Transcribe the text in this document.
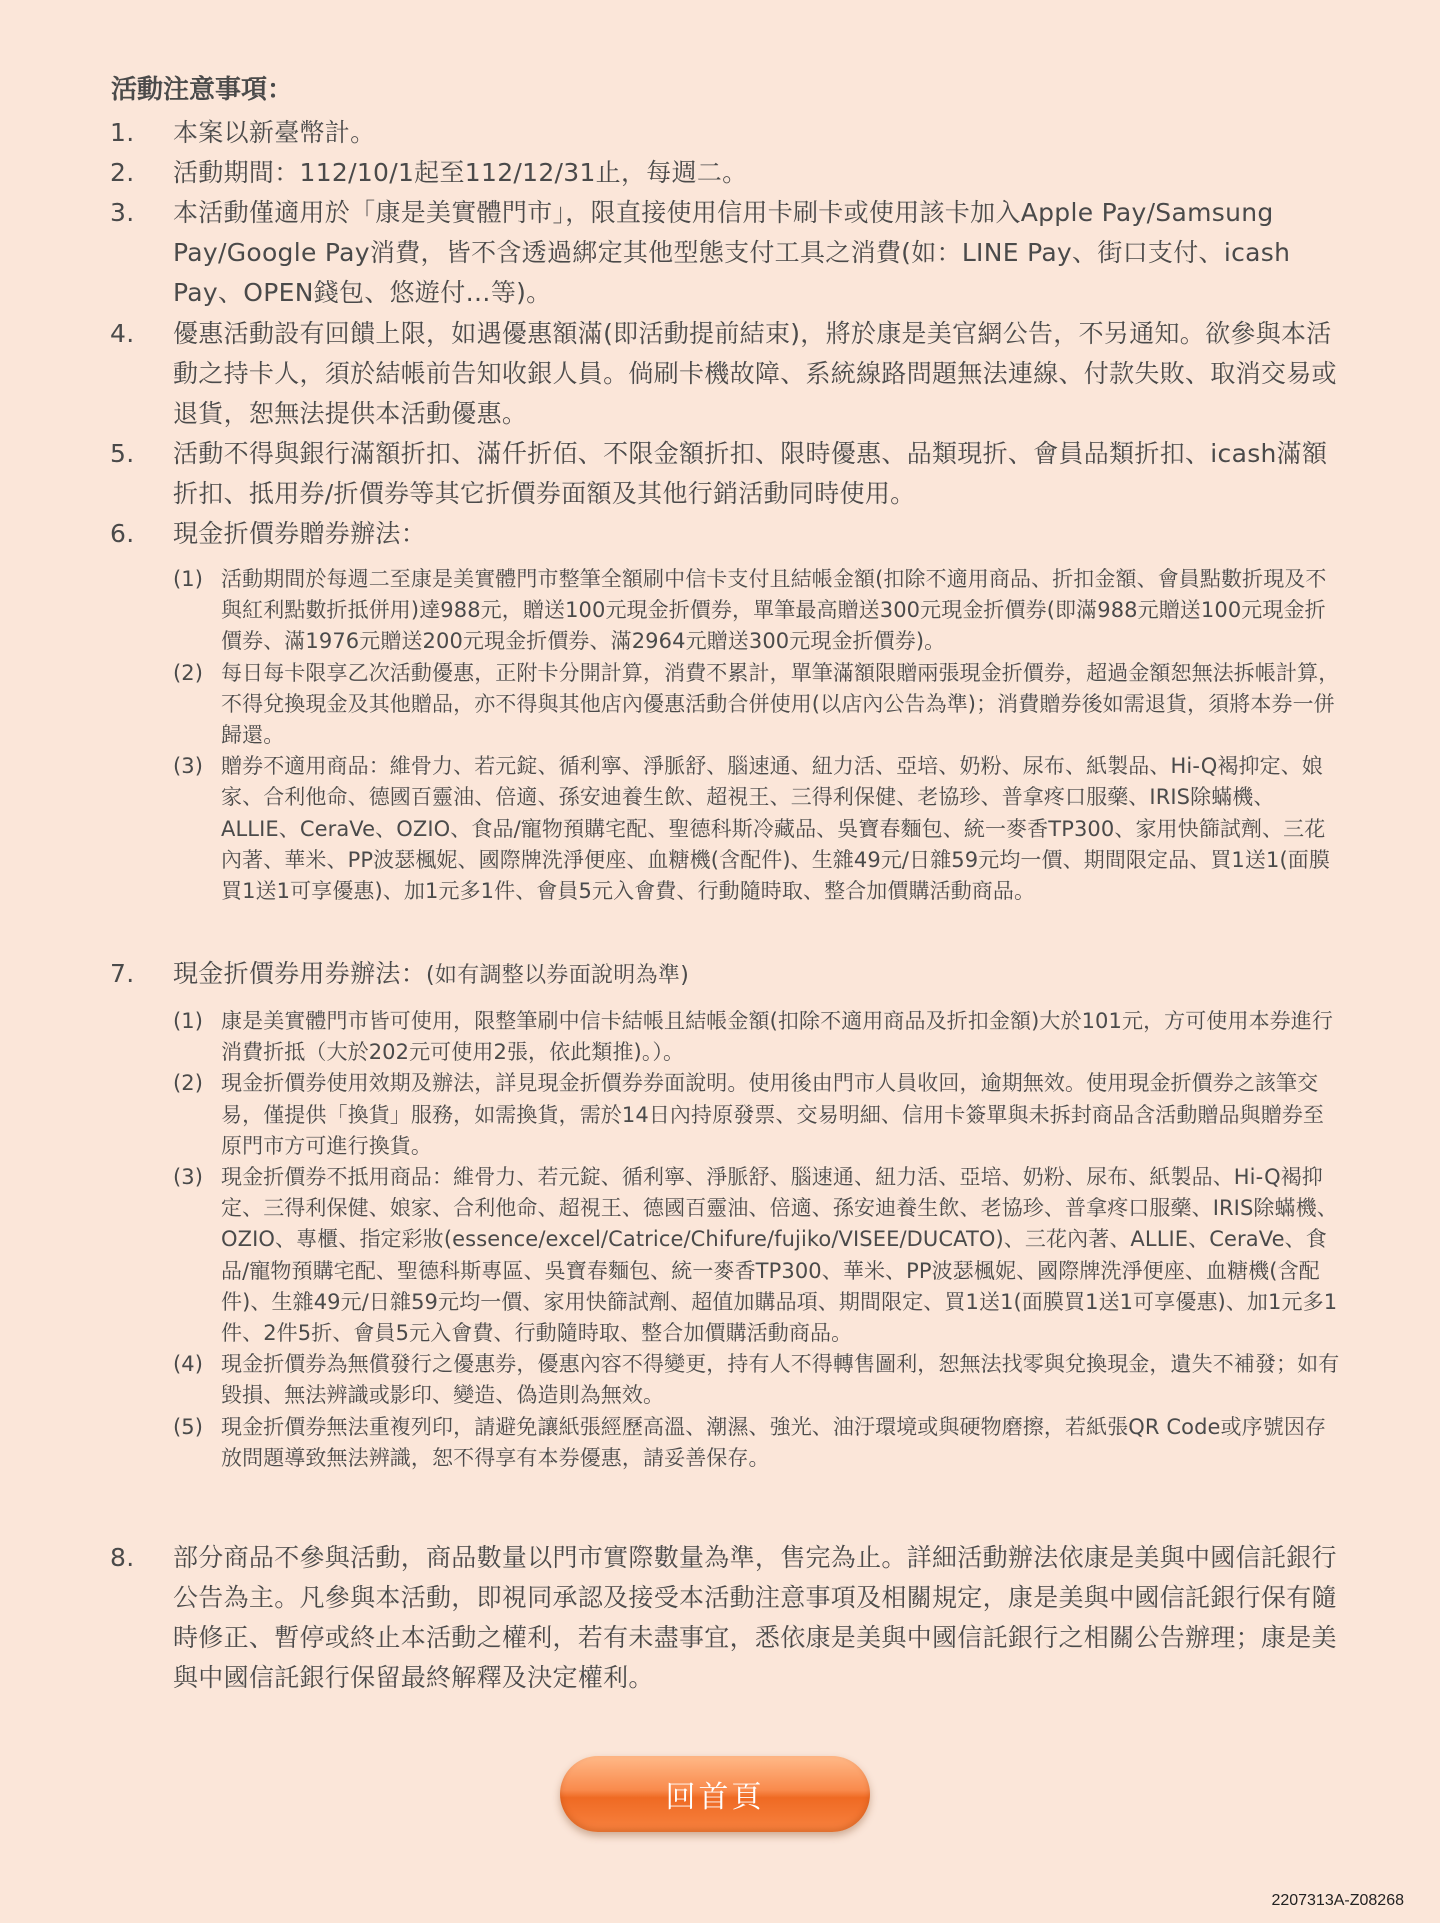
活動注意事項：
1.	本案以新臺幣計。
2.	活動期間：112/10/1起至112/12/31止，每週二。
3.	本活動僅適用於「康是美實體門市」，限直接使用信用卡刷卡或使用該卡加入Apple Pay/Samsung Pay/Google Pay消費，皆不含透過綁定其他型態支付工具之消費(如：LINE Pay、街口支付、icash Pay、OPEN錢包、悠遊付…等)。
4.	優惠活動設有回饋上限，如遇優惠額滿(即活動提前結束)，將於康是美官網公告，不另通知。欲參與本活動之持卡人，須於結帳前告知收銀人員。倘刷卡機故障、系統線路問題無法連線、付款失敗、取消交易或退貨，恕無法提供本活動優惠。
5.	活動不得與銀行滿額折扣、滿仟折佰、不限金額折扣、限時優惠、品類現折、會員品類折扣、icash滿額折扣、抵用券/折價券等其它折價券面額及其他行銷活動同時使用。
6.	現金折價券贈券辦法：
(1) 活動期間於每週二至康是美實體門市整筆全額刷中信卡支付且結帳金額(扣除不適用商品、折扣金額、會員點數折現及不與紅利點數折抵併用)達988元，贈送100元現金折價券，單筆最高贈送300元現金折價券(即滿988元贈送100元現金折價券、滿1976元贈送200元現金折價券、滿2964元贈送300元現金折價券)。
(2) 每日每卡限享乙次活動優惠，正附卡分開計算，消費不累計，單筆滿額限贈兩張現金折價券，超過金額恕無法拆帳計算，不得兌換現金及其他贈品，亦不得與其他店內優惠活動合併使用(以店內公告為準)；消費贈券後如需退貨，須將本券一併歸還。
(3) 贈券不適用商品：維骨力、若元錠、循利寧、淨脈舒、腦速通、紐力活、亞培、奶粉、尿布、紙製品、Hi-Q褐抑定、娘家、合利他命、德國百靈油、倍適、孫安迪養生飲、超視王、三得利保健、老協珍、普拿疼口服藥、IRIS除蟎機、ALLIE、CeraVe、OZIO、食品/寵物預購宅配、聖德科斯冷藏品、吳寶春麵包、統一麥香TP300、家用快篩試劑、三花內著、華米、PP波瑟楓妮、國際牌洗淨便座、血糖機(含配件)、生雜49元/日雜59元均一價、期間限定品、買1送1(面膜買1送1可享優惠)、加1元多1件、會員5元入會費、行動隨時取、整合加價購活動商品。
7.	現金折價券用券辦法：(如有調整以券面說明為準)
(1) 康是美實體門市皆可使用，限整筆刷中信卡結帳且結帳金額(扣除不適用商品及折扣金額)大於101元，方可使用本券進行消費折抵（大於202元可使用2張，依此類推)。）。
(2) 現金折價券使用效期及辦法，詳見現金折價券券面說明。使用後由門市人員收回，逾期無效。使用現金折價券之該筆交易，僅提供「換貨」服務，如需換貨，需於14日內持原發票、交易明細、信用卡簽單與未拆封商品含活動贈品與贈券至原門市方可進行換貨。
(3) 現金折價券不抵用商品：維骨力、若元錠、循利寧、淨脈舒、腦速通、紐力活、亞培、奶粉、尿布、紙製品、Hi-Q褐抑定、三得利保健、娘家、合利他命、超視王、德國百靈油、倍適、孫安迪養生飲、老協珍、普拿疼口服藥、IRIS除蟎機、OZIO、專櫃、指定彩妝(essence/excel/Catrice/Chifure/fujiko/VISEE/DUCATO)、三花內著、ALLIE、CeraVe、食品/寵物預購宅配、聖德科斯專區、吳寶春麵包、統一麥香TP300、華米、PP波瑟楓妮、國際牌洗淨便座、血糖機(含配件)、生雜49元/日雜59元均一價、家用快篩試劑、超值加購品項、期間限定、買1送1(面膜買1送1可享優惠)、加1元多1件、2件5折、會員5元入會費、行動隨時取、整合加價購活動商品。
(4) 現金折價券為無償發行之優惠券，優惠內容不得變更，持有人不得轉售圖利，恕無法找零與兌換現金，遺失不補發；如有毀損、無法辨識或影印、變造、偽造則為無效。
(5) 現金折價券無法重複列印，請避免讓紙張經歷高溫、潮濕、強光、油汙環境或與硬物磨擦，若紙張QR Code或序號因存放問題導致無法辨識，恕不得享有本券優惠，請妥善保存。
8.	部分商品不參與活動，商品數量以門市實際數量為準，售完為止。詳細活動辦法依康是美與中國信託銀行公告為主。凡參與本活動，即視同承認及接受本活動注意事項及相關規定，康是美與中國信託銀行保有隨時修正、暫停或終止本活動之權利，若有未盡事宜，悉依康是美與中國信託銀行之相關公告辦理；康是美與中國信託銀行保留最終解釋及決定權利。
回首頁
2207313A-Z08268
